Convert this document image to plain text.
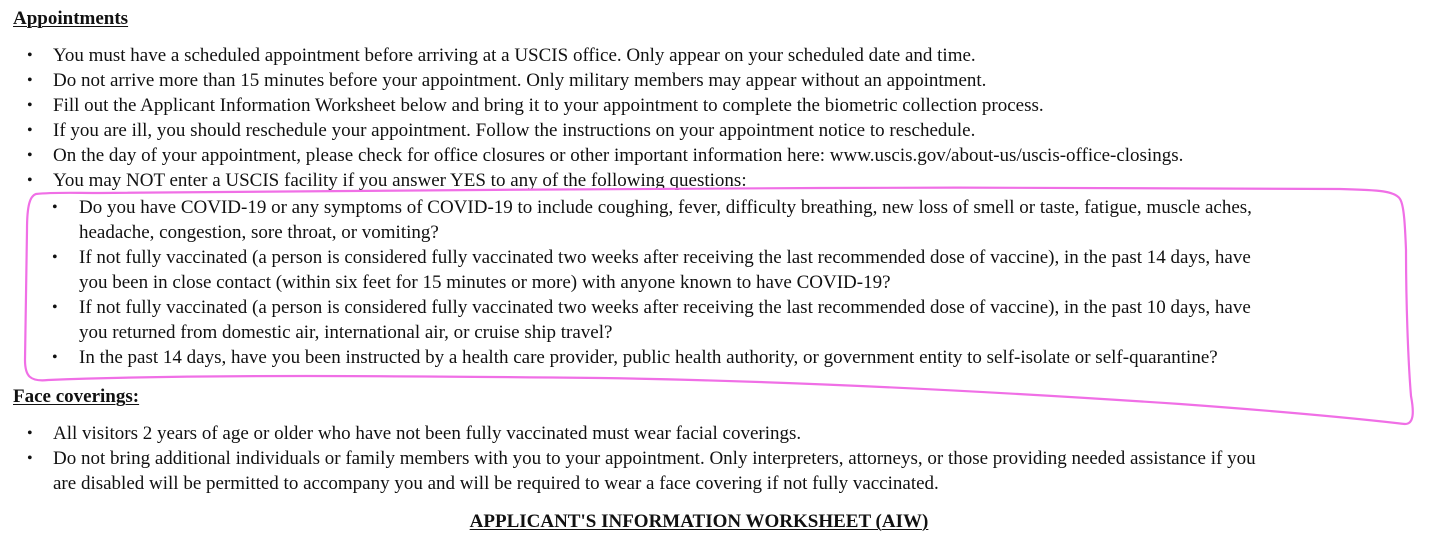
Appointments
• You must have a scheduled appointment before arriving at a USCIS office. Only appear on your scheduled date and time.
• Do not arrive more than 15 minutes before your appointment. Only military members may appear without an appointment.
• Fill out the Applicant Information Worksheet below and bring it to your appointment to complete the biometric collection process.
• If you are ill, you should reschedule your appointment. Follow the instructions on your appointment notice to reschedule.
• On the day of your appointment, please check for office closures or other important information here: www.uscis.gov/about-us/uscis-office-closings.
• You may NOT enter a USCIS facility if you answer YES to any of the following questions:
• Do you have COVID-19 or any symptoms of COVID-19 to include coughing, fever, difficulty breathing, new loss of smell or taste, fatigue, muscle aches,
headache, congestion, sore throat, or vomiting?
• If not fully vaccinated (a person is considered fully vaccinated two weeks after receiving the last recommended dose of vaccine), in the past 14 days, have
you been in close contact (within six feet for 15 minutes or more) with anyone known to have COVID-19?
• If not fully vaccinated (a person is considered fully vaccinated two weeks after receiving the last recommended dose of vaccine), in the past 10 days, have
you returned from domestic air, international air, or cruise ship travel?
• In the past 14 days, have you been instructed by a health care provider, public health authority, or government entity to self-isolate or self-quarantine?
Face coverings:
• All visitors 2 years of age or older who have not been fully vaccinated must wear facial coverings.
• Do not bring additional individuals or family members with you to your appointment. Only interpreters, attorneys, or those providing needed assistance if you
are disabled will be permitted to accompany you and will be required to wear a face covering if not fully vaccinated.
APPLICANT'S INFORMATION WORKSHEET (AIW)
